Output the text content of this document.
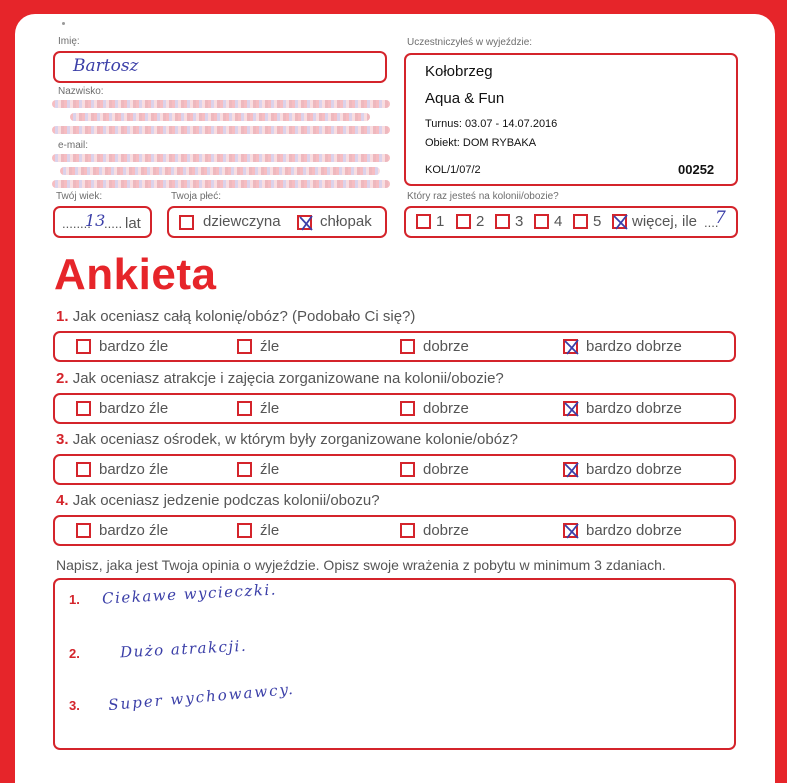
Imię:
Bartosz
Nazwisko:
e-mail:
Uczestniczyłeś w wyjeździe:
Kołobrzeg
Aqua & Fun
Turnus: 03.07 - 14.07.2016
Obiekt: DOM RYBAKA
KOL/1/07/2	00252
Twój wiek:
........
13
..... lat
Twoja płeć:
dziewczyna	chłopak
Który raz jesteś na kolonii/obozie?
1 2 3 4 5 więcej, ile ....
7
Ankieta
1. Jak oceniasz całą kolonię/obóz? (Podobało Ci się?)
bardzo źle	źle	dobrze	bardzo dobrze
2. Jak oceniasz atrakcje i zajęcia zorganizowane na kolonii/obozie?
bardzo źle	źle	dobrze	bardzo dobrze
3. Jak oceniasz ośrodek, w którym były zorganizowane kolonie/obóz?
bardzo źle	źle	dobrze	bardzo dobrze
4. Jak oceniasz jedzenie podczas kolonii/obozu?
bardzo źle	źle	dobrze	bardzo dobrze
Napisz, jaka jest Twoja opinia o wyjeździe. Opisz swoje wrażenia z pobytu w minimum 3 zdaniach.
1. Ciekawe wycieczki.
2.	Dużo atrakcji.
3. Super wychowawcy.
